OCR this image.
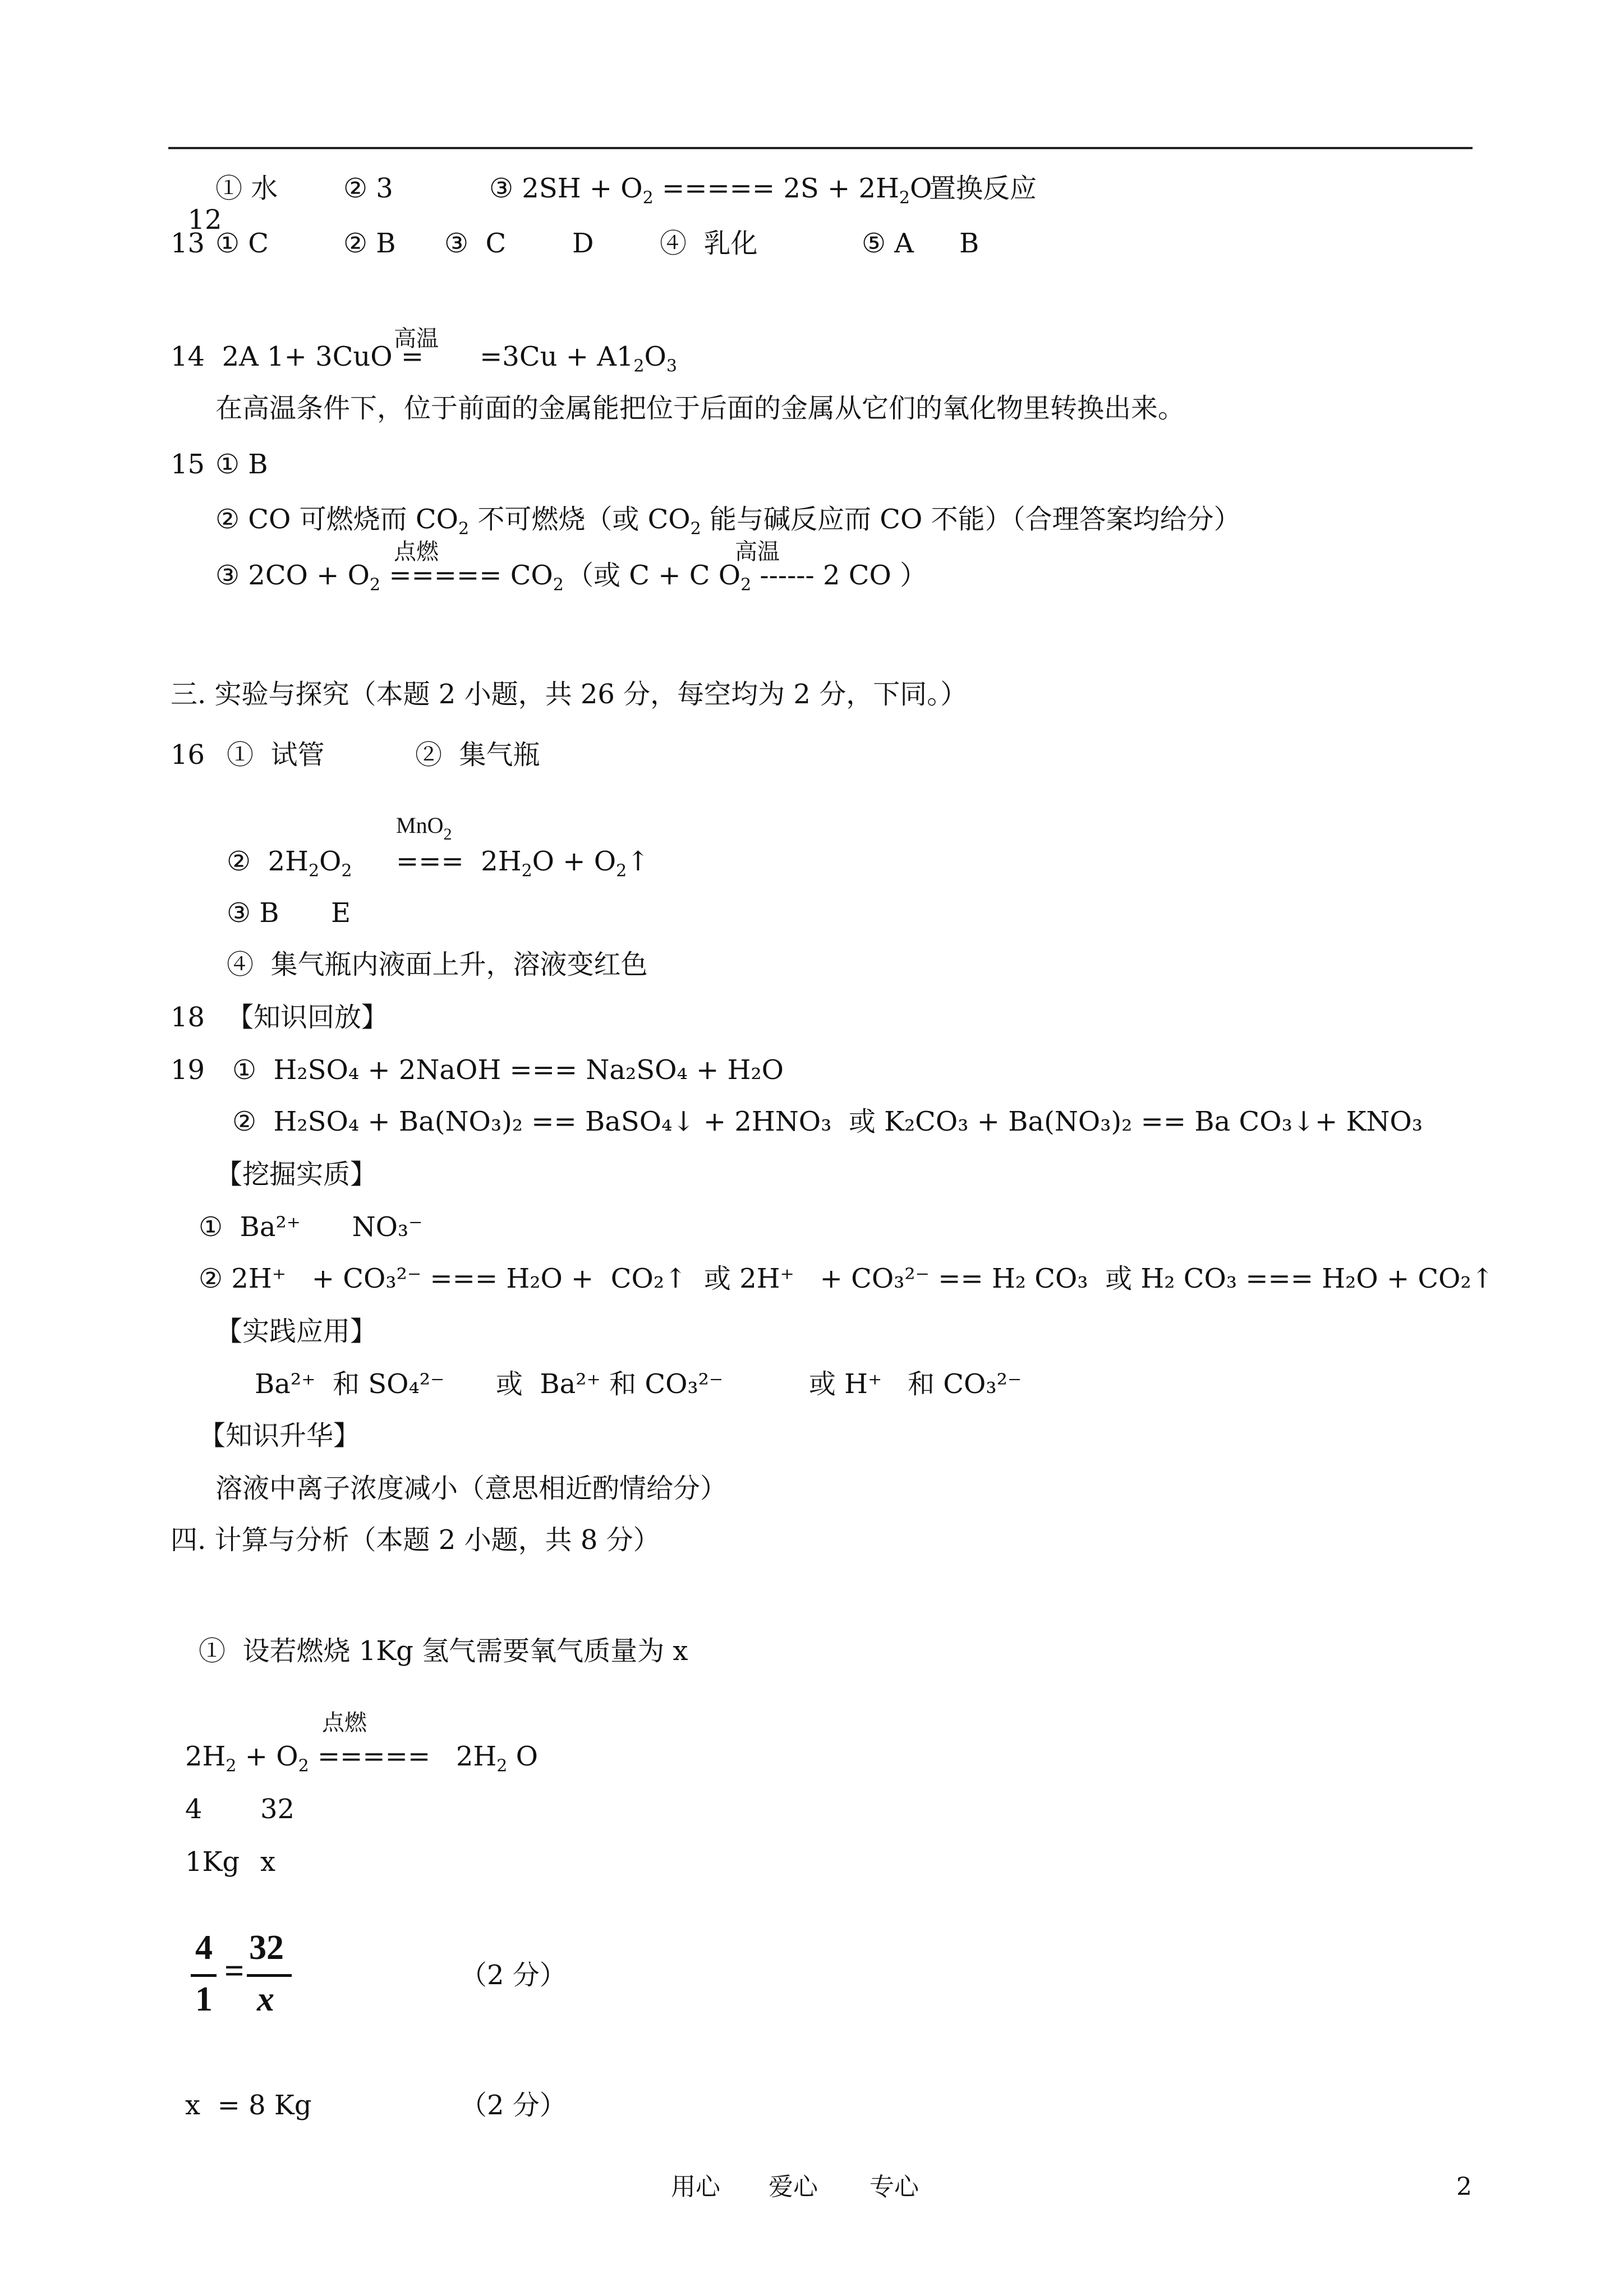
12

① 水 ② 3	③ $2SH + O_2$ ===== $2S + 2H_2O$
置换反应
13 ① C	② B ③  C D ④  乳化	⑤ A B
高温
14 2A $1+ 3CuO = =3Cu + A1_2O_3$
在高温条件下，位于前面的金属能把位于后面的金属从它们的氧化物里转换出来。
15 ① B
② CO 可燃烧而 $CO_2$ 不可燃烧（或 $CO_2$ 能与碱反应而 CO 不能）（合理答案均给分）
点燃	高温
③ $2CO + O_2$ ===== $CO_2$ （或 C + C $O_2$ ------ 2 CO ）
三. 实验与探究（本题 2 小题，共 26 分，每空均为 2 分，下同。）
16 ①  试管	②  集气瓶
MnO$_2$
②  $2H_2O_2$ ===  $2H_2O$ + $O_2↑$
③ B E
④  集气瓶内液面上升，溶液变红色
18 【知识回放】
19 ①  H₂SO₄ + 2NaOH === Na₂SO₄ + H₂O
②  H₂SO₄ + Ba(NO₃)₂ == BaSO₄↓ + 2HNO₃  或 K₂CO₃ + Ba(NO₃)₂ == Ba CO₃↓+ KNO₃
【挖掘实质】
①  Ba²⁺      NO₃⁻
② 2H⁺   + CO₃²⁻ === H₂O +  CO₂↑  或 2H⁺   + CO₃²⁻ == H₂ CO₃  或 H₂ CO₃ === H₂O + CO₂↑
【实践应用】
Ba²⁺  和 SO₄²⁻      或  Ba²⁺ 和 CO₃²⁻          或 H⁺   和 CO₃²⁻
【知识升华】
溶液中离子浓度减小（意思相近酌情给分）
四. 计算与分析（本题 2 小题，共 8 分）
①  设若燃烧 1Kg 氢气需要氧气质量为 x
点燃
$2H_2 + O_2$ =====   $2H_2$ O
4 32
1Kg x
4
1
=
32
x
（2 分）
x  = 8 Kg	（2 分）
用心 爱心 专心	2
